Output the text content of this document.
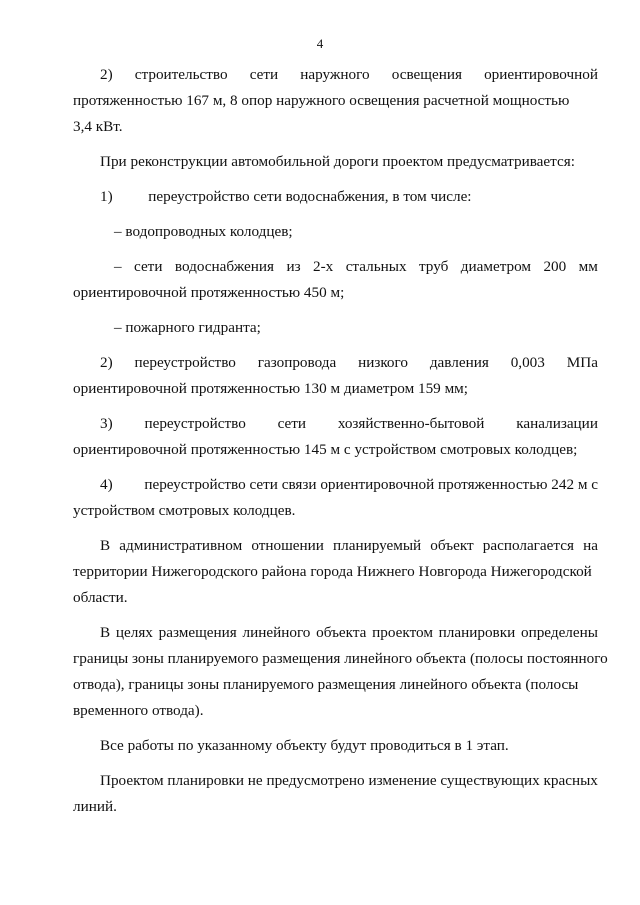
4
2) строительство сети наружного освещения ориентировочной
протяженностью 167 м, 8 опор наружного освещения расчетной мощностью
3,4 кВт.
При реконструкции автомобильной дороги проектом предусматривается:
1) переустройство сети водоснабжения, в том числе:
– водопроводных колодцев;
– сети водоснабжения из 2-х стальных труб диаметром 200 мм
ориентировочной протяженностью 450 м;
– пожарного гидранта;
2) переустройство газопровода низкого давления 0,003 МПа
ориентировочной протяженностью 130 м диаметром 159 мм;
3) переустройство сети хозяйственно-бытовой канализации
ориентировочной протяженностью 145 м с устройством смотровых колодцев;
4) переустройство сети связи ориентировочной протяженностью 242 м с
устройством смотровых колодцев.
В административном отношении планируемый объект располагается на
территории Нижегородского района города Нижнего Новгорода Нижегородской
области.
В целях размещения линейного объекта проектом планировки определены
границы зоны планируемого размещения линейного объекта (полосы постоянного
отвода), границы зоны планируемого размещения линейного объекта (полосы
временного отвода).
Все работы по указанному объекту будут проводиться в 1 этап.
Проектом планировки не предусмотрено изменение существующих красных
линий.
